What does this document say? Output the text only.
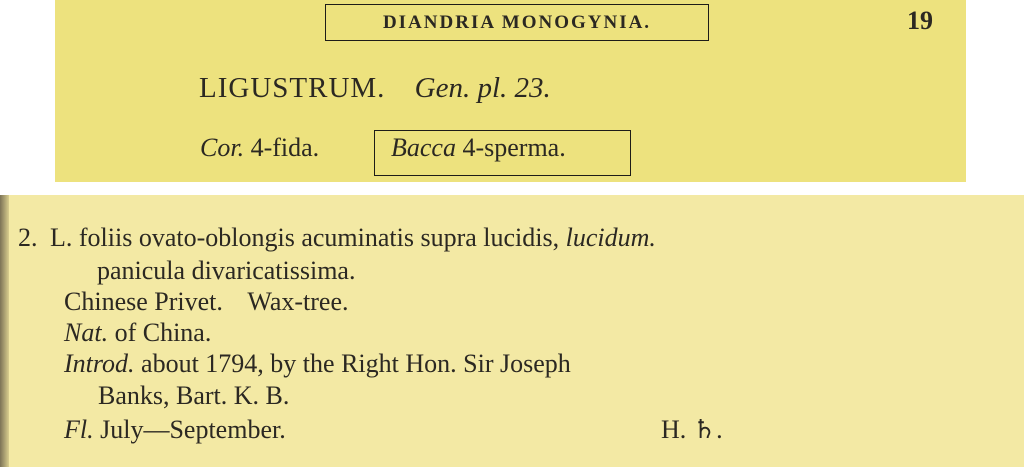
DIANDRIA MONOGYNIA.	19
LIGUSTRUM. Gen. pl. 23.
Cor. 4-fida.	Bacca 4-sperma.
2. L. foliis ovato-oblongis acuminatis supra lucidis, lucidum.
panicula divaricatissima.
Chinese Privet. Wax-tree.
Nat. of China.
Introd. about 1794, by the Right Hon. Sir Joseph
Banks, Bart. K. B.
Fl. July—September.	H. ♄.
